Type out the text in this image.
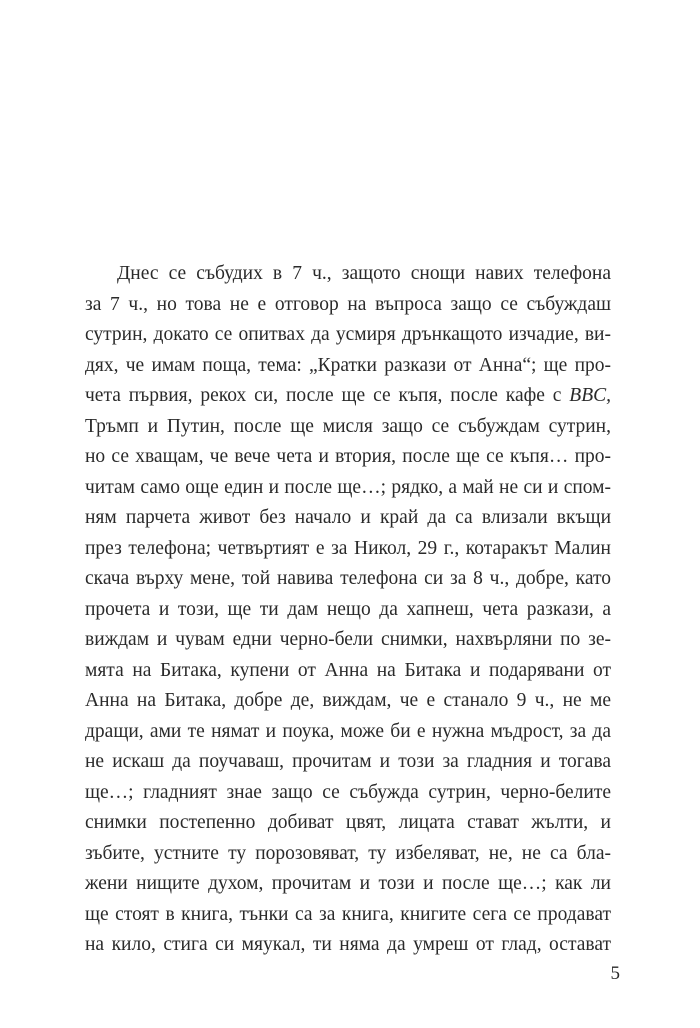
Днес се събудих в 7 ч., защото снощи навих телефона
за 7 ч., но това не е отговор на въпроса защо се събуждаш
сутрин, докато се опитвах да усмиря дрънкащото изчадие, ви-
дях, че имам поща, тема: „Кратки разкази от Анна“; ще про-
чета първия, рекох си, после ще се къпя, после кафе с BBC,
Тръмп и Путин, после ще мисля защо се събуждам сутрин,
но се хващам, че вече чета и втория, после ще се къпя… про-
читам само още един и после ще…; рядко, а май не си и спом-
ням парчета живот без начало и край да са влизали вкъщи
през телефона; четвъртият е за Никол, 29 г., котаракът Малин
скача върху мене, той навива телефона си за 8 ч., добре, като
прочета и този, ще ти дам нещо да хапнеш, чета разкази, а
виждам и чувам едни черно-бели снимки, нахвърляни по зе-
мята на Битака, купени от Анна на Битака и подарявани от
Анна на Битака, добре де, виждам, че е станало 9 ч., не ме
дращи, ами те нямат и поука, може би е нужна мъдрост, за да
не искаш да поучаваш, прочитам и този за гладния и тогава
ще…; гладният знае защо се събужда сутрин, черно-белите
снимки постепенно добиват цвят, лицата стават жълти, и
зъбите, устните ту порозовяват, ту избеляват, не, не са бла-
жени нищите духом, прочитам и този и после ще…; как ли
ще стоят в книга, тънки са за книга, книгите сега се продават
на кило, стига си мяукал, ти няма да умреш от глад, остават
5
